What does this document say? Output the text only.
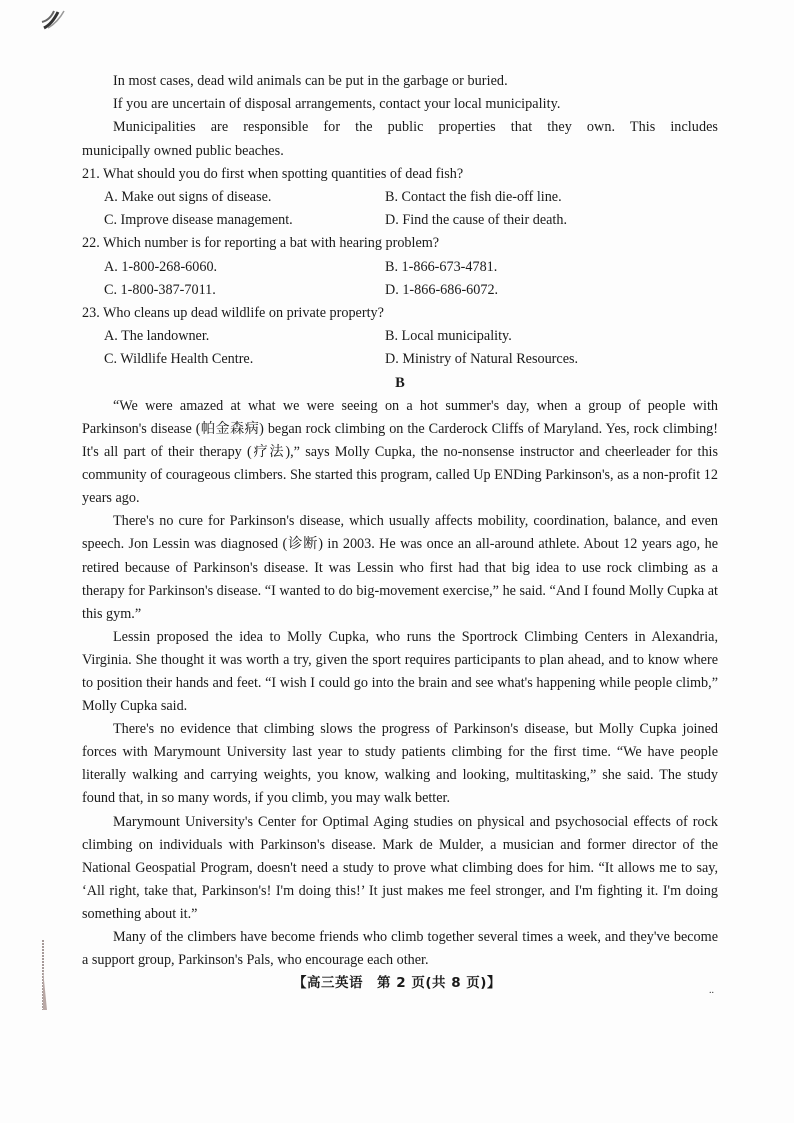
In most cases, dead wild animals can be put in the garbage or buried.
If you are uncertain of disposal arrangements, contact your local municipality.
Municipalities are responsible for the public properties that they own. This includes
municipally owned public beaches.
21. What should you do first when spotting quantities of dead fish?
A. Make out signs of disease.	B. Contact the fish die-off line.
C. Improve disease management.	D. Find the cause of their death.
22. Which number is for reporting a bat with hearing problem?
A. 1-800-268-6060.	B. 1-866-673-4781.
C. 1-800-387-7011.	D. 1-866-686-6072.
23. Who cleans up dead wildlife on private property?
A. The landowner.	B. Local municipality.
C. Wildlife Health Centre.	D. Ministry of Natural Resources.
B

“We were amazed at what we were seeing on a hot summer's day, when a group of people with Parkinson's disease (帕金森病) began rock climbing on the Carderock Cliffs of Maryland. Yes, rock climbing! It's all part of their therapy (疗法),” says Molly Cupka, the no-nonsense instructor and cheerleader for this community of courageous climbers. She started this program, called Up ENDing Parkinson's, as a non-profit 12 years ago.

There's no cure for Parkinson's disease, which usually affects mobility, coordination, balance, and even speech. Jon Lessin was diagnosed (诊断) in 2003. He was once an all-around athlete. About 12 years ago, he retired because of Parkinson's disease. It was Lessin who first had that big idea to use rock climbing as a therapy for Parkinson's disease. “I wanted to do big-movement exercise,” he said. “And I found Molly Cupka at this gym.”

Lessin proposed the idea to Molly Cupka, who runs the Sportrock Climbing Centers in Alexandria, Virginia. She thought it was worth a try, given the sport requires participants to plan ahead, and to know where to position their hands and feet. “I wish I could go into the brain and see what's happening while people climb,” Molly Cupka said.

There's no evidence that climbing slows the progress of Parkinson's disease, but Molly Cupka joined forces with Marymount University last year to study patients climbing for the first time. “We have people literally walking and carrying weights, you know, walking and looking, multitasking,” she said. The study found that, in so many words, if you climb, you may walk better.

Marymount University's Center for Optimal Aging studies on physical and psychosocial effects of rock climbing on individuals with Parkinson's disease. Mark de Mulder, a musician and former director of the National Geospatial Program, doesn't need a study to prove what climbing does for him. “It allows me to say, ‘All right, take that, Parkinson's! I'm doing this!’ It just makes me feel stronger, and I'm fighting it. I'm doing something about it.”

Many of the climbers have become friends who climb together several times a week, and they've become a support group, Parkinson's Pals, who encourage each other.

【高三英语　第 2 页(共 8 页)】	..
